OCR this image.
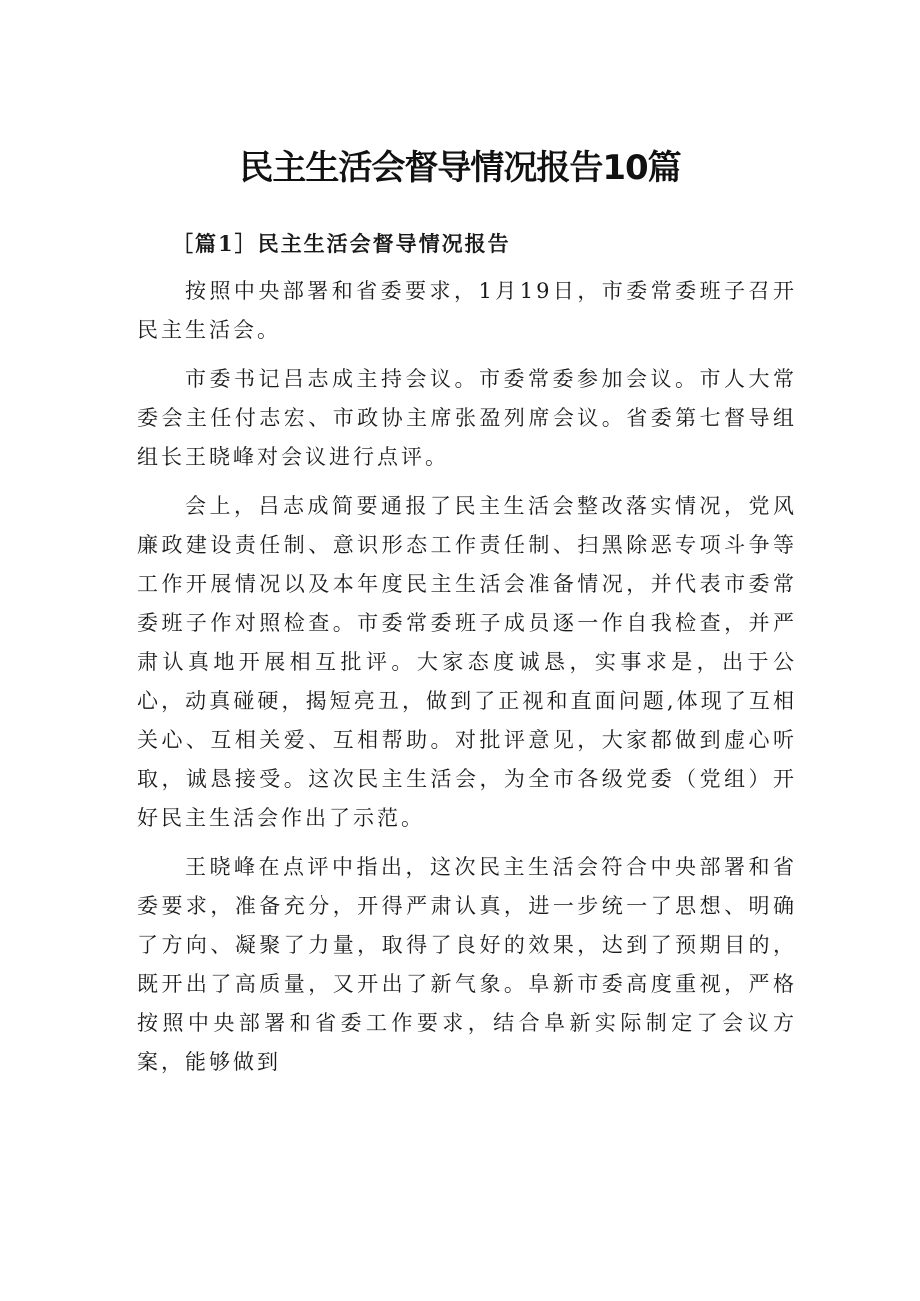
民主生活会督导情况报告10篇
［篇1］民主生活会督导情况报告

按照中央部署和省委要求，1月19日，市委常委班子召开民主生活会。

市委书记吕志成主持会议。市委常委参加会议。市人大常委会主任付志宏、市政协主席张盈列席会议。省委第七督导组组长王晓峰对会议进行点评。

会上，吕志成简要通报了民主生活会整改落实情况，党风廉政建设责任制、意识形态工作责任制、扫黑除恶专项斗争等工作开展情况以及本年度民主生活会准备情况，并代表市委常委班子作对照检查。市委常委班子成员逐一作自我检查，并严肃认真地开展相互批评。大家态度诚恳，实事求是，出于公心，动真碰硬，揭短亮丑，做到了正视和直面问题,体现了互相关心、互相关爱、互相帮助。对批评意见，大家都做到虚心听取，诚恳接受。这次民主生活会，为全市各级党委（党组）开好民主生活会作出了示范。

王晓峰在点评中指出，这次民主生活会符合中央部署和省委要求，准备充分，开得严肃认真，进一步统一了思想、明确了方向、凝聚了力量，取得了良好的效果，达到了预期目的，既开出了高质量，又开出了新气象。阜新市委高度重视，严格按照中央部署和省委工作要求，结合阜新实际制定了会议方案，能够做到
